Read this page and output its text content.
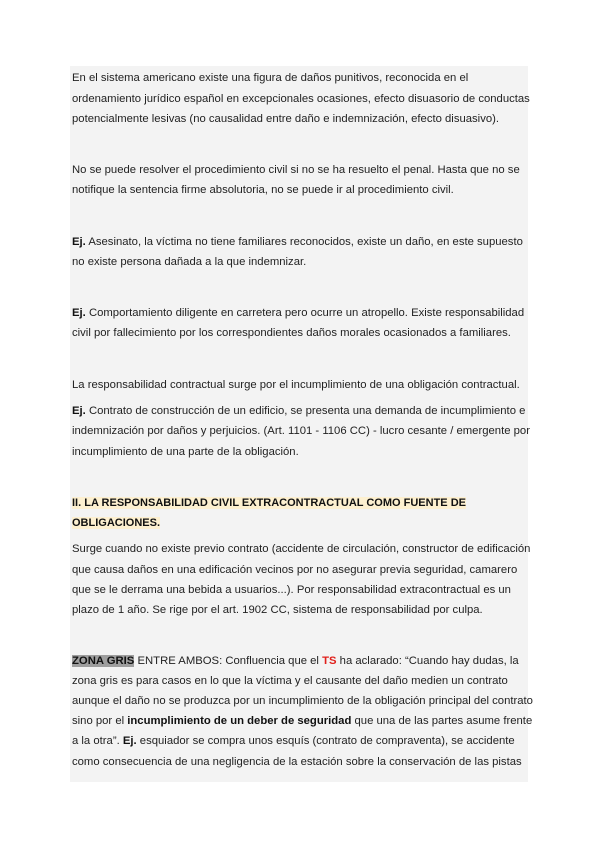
En el sistema americano existe una figura de daños punitivos, reconocida en el
ordenamiento jurídico español en excepcionales ocasiones, efecto disuasorio de conductas
potencialmente lesivas (no causalidad entre daño e indemnización, efecto disuasivo).
No se puede resolver el procedimiento civil si no se ha resuelto el penal. Hasta que no se
notifique la sentencia firme absolutoria, no se puede ir al procedimiento civil.
Ej. Asesinato, la víctima no tiene familiares reconocidos, existe un daño, en este supuesto
no existe persona dañada a la que indemnizar.
Ej. Comportamiento diligente en carretera pero ocurre un atropello. Existe responsabilidad
civil por fallecimiento por los correspondientes daños morales ocasionados a familiares.
La responsabilidad contractual surge por el incumplimiento de una obligación contractual.
Ej. Contrato de construcción de un edificio, se presenta una demanda de incumplimiento e
indemnización por daños y perjuicios. (Art. 1101 - 1106 CC) - lucro cesante / emergente por
incumplimiento de una parte de la obligación.
II. LA RESPONSABILIDAD CIVIL EXTRACONTRACTUAL COMO FUENTE DE
OBLIGACIONES.
Surge cuando no existe previo contrato (accidente de circulación, constructor de edificación
que causa daños en una edificación vecinos por no asegurar previa seguridad, camarero
que se le derrama una bebida a usuarios...). Por responsabilidad extracontractual es un
plazo de 1 año. Se rige por el art. 1902 CC, sistema de responsabilidad por culpa.
ZONA GRIS ENTRE AMBOS: Confluencia que el TS ha aclarado: “Cuando hay dudas, la
zona gris es para casos en lo que la víctima y el causante del daño medien un contrato
aunque el daño no se produzca por un incumplimiento de la obligación principal del contrato
sino por el incumplimiento de un deber de seguridad que una de las partes asume frente
a la otra”. Ej. esquiador se compra unos esquís (contrato de compraventa), se accidente
como consecuencia de una negligencia de la estación sobre la conservación de las pistas
